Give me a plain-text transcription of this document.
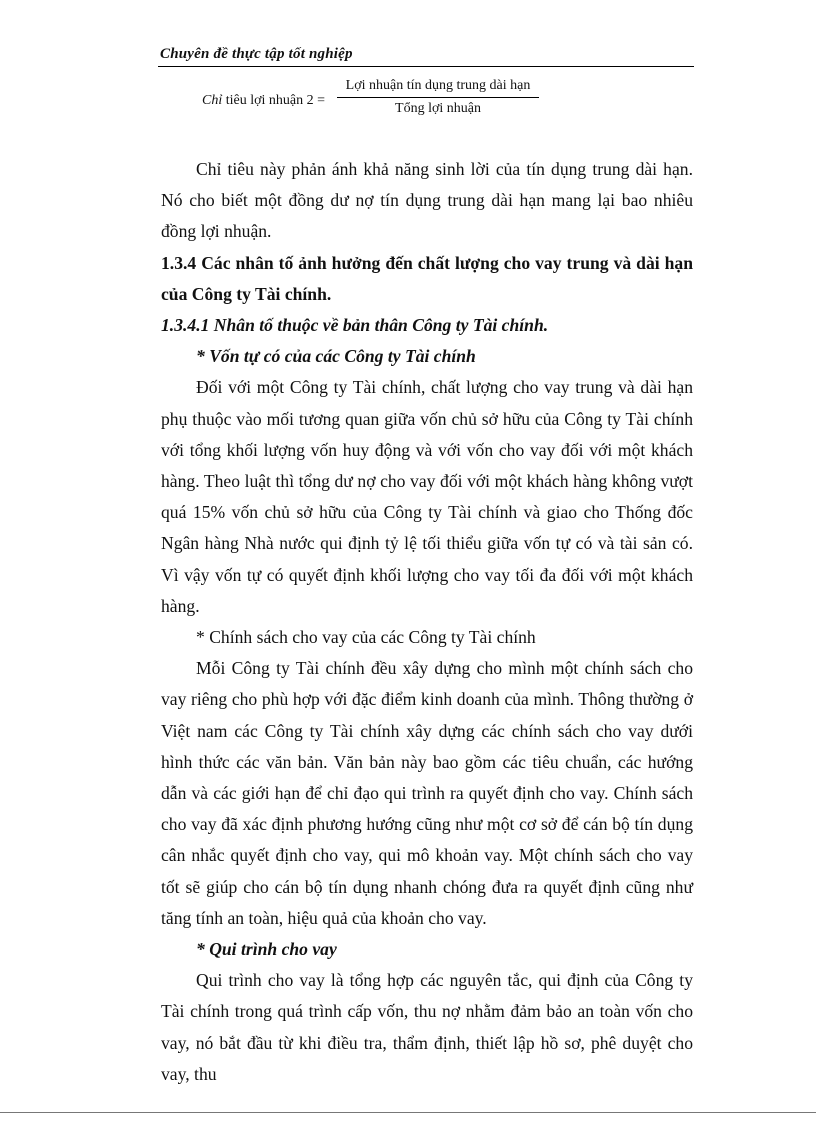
Chuyên đề thực tập tốt nghiệp
Chỉ tiêu lợi nhuận 2 =
Lợi nhuận tín dụng trung dài hạn
Tổng lợi nhuận

Chỉ tiêu này phản ánh khả năng sinh lời của tín dụng trung dài hạn. Nó cho biết một đồng dư nợ tín dụng trung dài hạn mang lại bao nhiêu đồng lợi nhuận.

1.3.4 Các nhân tố ảnh hưởng đến chất lượng cho vay trung và dài hạn của Công ty Tài chính.

1.3.4.1 Nhân tố thuộc về bản thân Công ty Tài chính.

* Vốn tự có của các Công ty Tài chính

Đối với một Công ty Tài chính, chất lượng cho vay trung và dài hạn phụ thuộc vào mối tương quan giữa vốn chủ sở hữu của Công ty Tài chính với tổng khối lượng vốn huy động và với vốn cho vay đối với một khách hàng. Theo luật thì tổng dư nợ cho vay đối với một khách hàng không vượt quá 15% vốn chủ sở hữu của Công ty Tài chính và giao cho Thống đốc Ngân hàng Nhà nước qui định tỷ lệ tối thiểu giữa vốn tự có và tài sản có. Vì vậy vốn tự có quyết định khối lượng cho vay tối đa đối với một khách hàng.

* Chính sách cho vay của các Công ty Tài chính

Mỗi Công ty Tài chính đều xây dựng cho mình một chính sách cho vay riêng cho phù hợp với đặc điểm kinh doanh của mình. Thông thường ở Việt nam các Công ty Tài chính xây dựng các chính sách cho vay dưới hình thức các văn bản. Văn bản này bao gồm các tiêu chuẩn, các hướng dẫn và các giới hạn để chỉ đạo qui trình ra quyết định cho vay. Chính sách cho vay đã xác định phương hướng cũng như một cơ sở để cán bộ tín dụng cân nhắc quyết định cho vay, qui mô khoản vay. Một chính sách cho vay tốt sẽ giúp cho cán bộ tín dụng nhanh chóng đưa ra quyết định cũng như tăng tính an toàn, hiệu quả của khoản cho vay.

* Qui trình cho vay

Qui trình cho vay là tổng hợp các nguyên tắc, qui định của Công ty Tài chính trong quá trình cấp vốn, thu nợ nhằm đảm bảo an toàn vốn cho vay, nó bắt đầu từ khi điều tra, thẩm định, thiết lập hồ sơ, phê duyệt cho vay, thu
